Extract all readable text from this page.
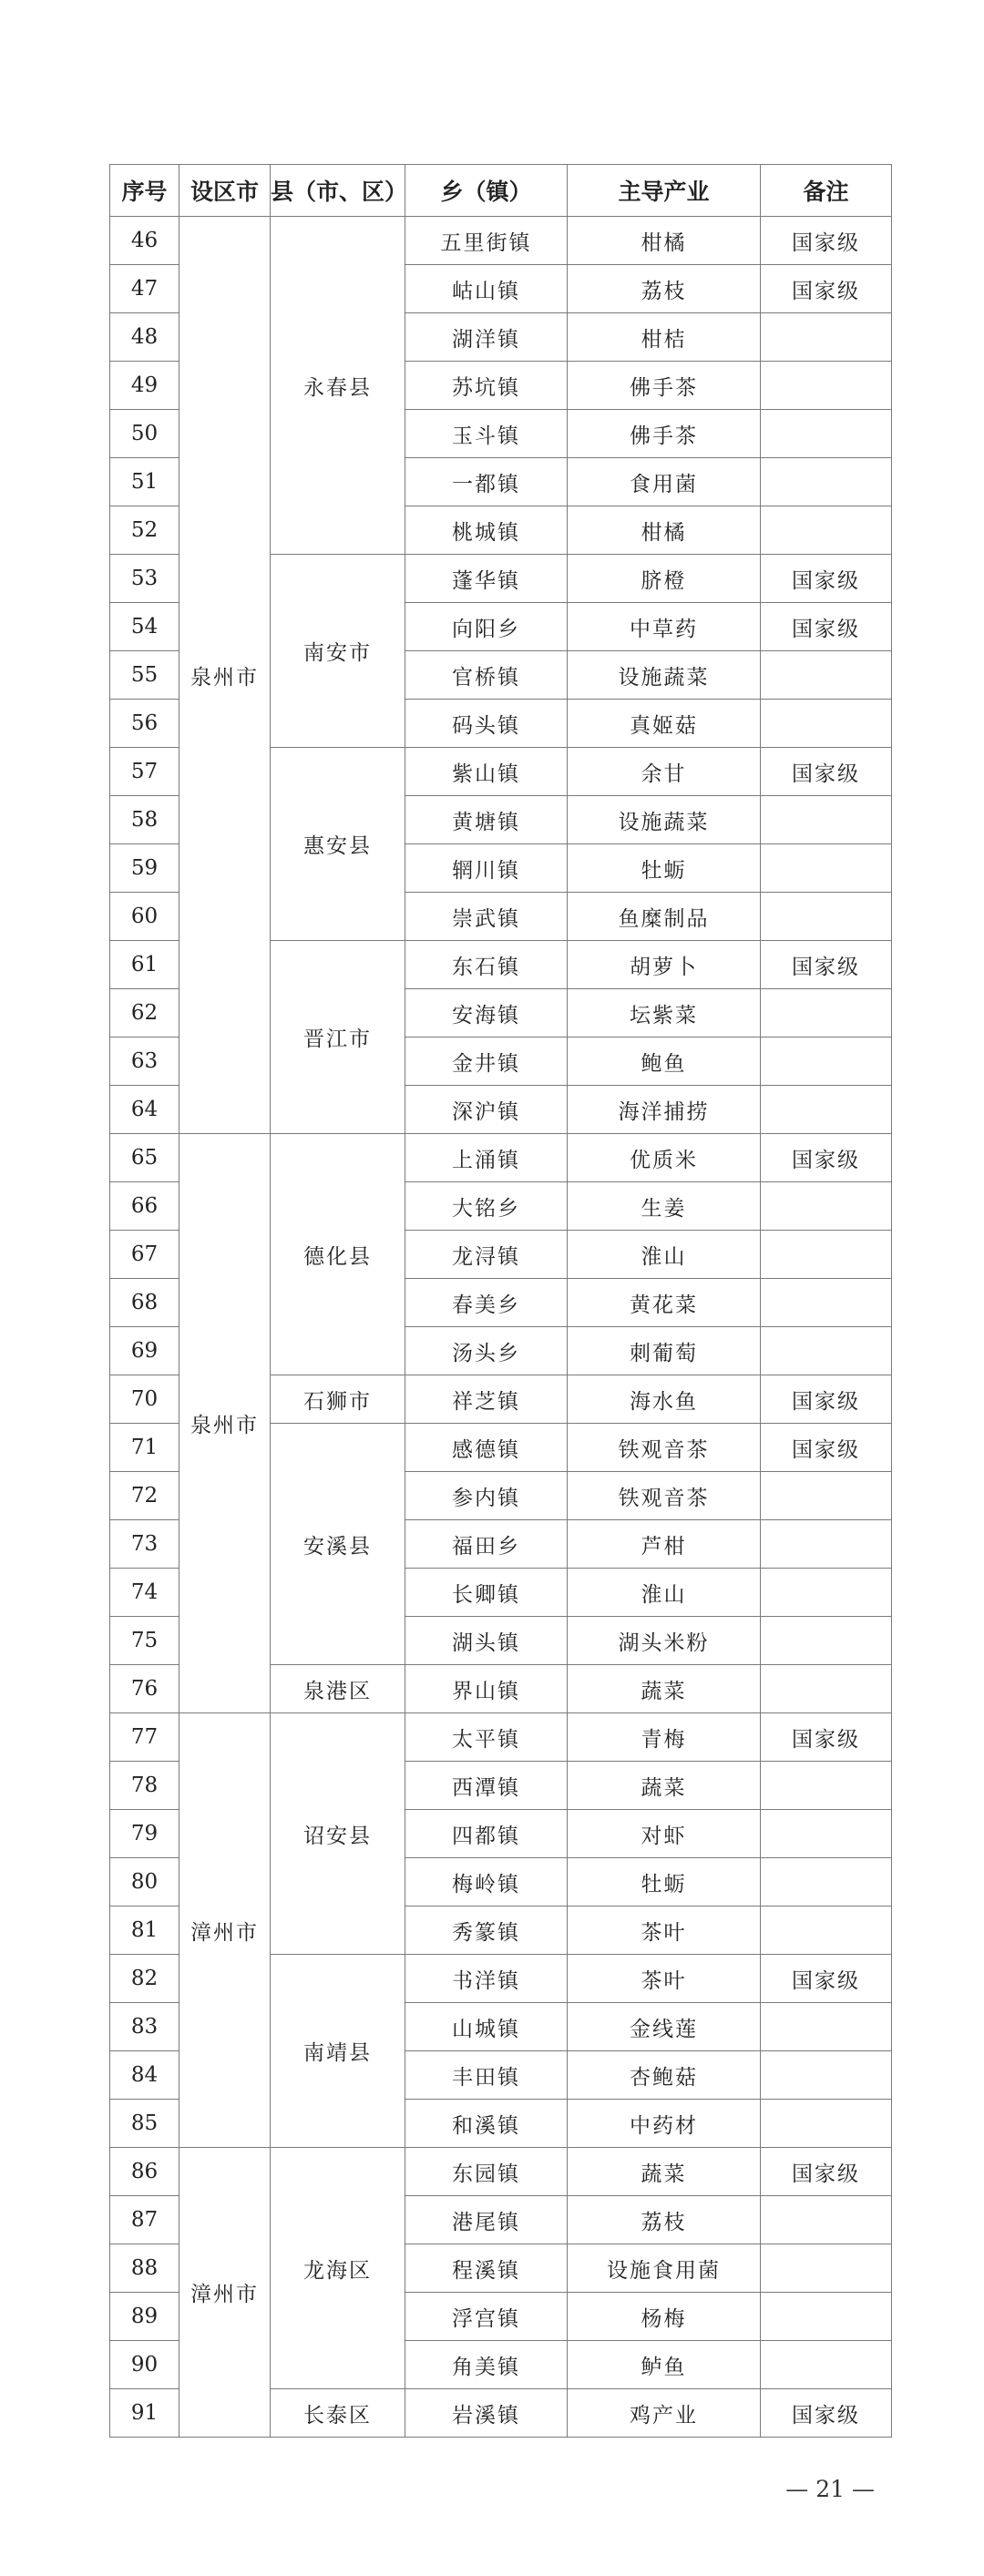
序号	设区市	县（市、区）	乡（镇）	主导产业	备注
46	泉州市	永春县	五里街镇	柑橘	国家级
47			岵山镇	荔枝	国家级
48			湖洋镇	柑桔	
49			苏坑镇	佛手茶	
50			玉斗镇	佛手茶	
51			一都镇	食用菌	
52			桃城镇	柑橘	
53		南安市	蓬华镇	脐橙	国家级
54			向阳乡	中草药	国家级
55			官桥镇	设施蔬菜	
56			码头镇	真姬菇	
57		惠安县	紫山镇	余甘	国家级
58			黄塘镇	设施蔬菜	
59			辋川镇	牡蛎	
60			崇武镇	鱼糜制品	
61		晋江市	东石镇	胡萝卜	国家级
62			安海镇	坛紫菜	
63			金井镇	鲍鱼	
64			深沪镇	海洋捕捞	
65	泉州市	德化县	上涌镇	优质米	国家级
66			大铭乡	生姜	
67			龙浔镇	淮山	
68			春美乡	黄花菜	
69			汤头乡	刺葡萄	
70		石狮市	祥芝镇	海水鱼	国家级
71		安溪县	感德镇	铁观音茶	国家级
72			参内镇	铁观音茶	
73			福田乡	芦柑	
74			长卿镇	淮山	
75			湖头镇	湖头米粉	
76		泉港区	界山镇	蔬菜	
77	漳州市	诏安县	太平镇	青梅	国家级
78			西潭镇	蔬菜	
79			四都镇	对虾	
80			梅岭镇	牡蛎	
81			秀篆镇	茶叶	
82		南靖县	书洋镇	茶叶	国家级
83			山城镇	金线莲	
84			丰田镇	杏鲍菇	
85			和溪镇	中药材	
86	漳州市	龙海区	东园镇	蔬菜	国家级
87			港尾镇	荔枝	
88			程溪镇	设施食用菌	
89			浮宫镇	杨梅	
90			角美镇	鲈鱼	
91		长泰区	岩溪镇	鸡产业	国家级
— 21 —
